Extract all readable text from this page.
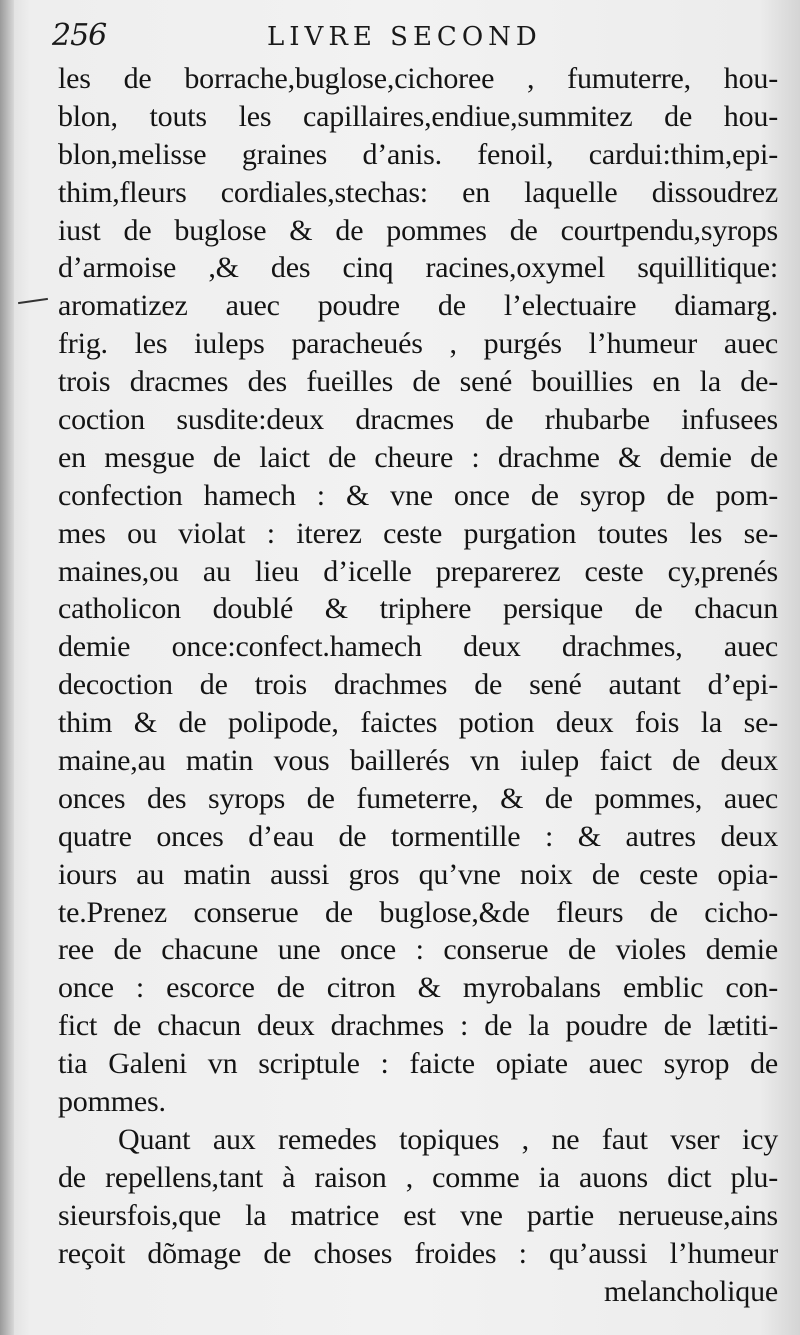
256	LIVRE SECOND
les de borrache,buglose,cichoree , fumuterre, hou-
blon, touts les capillaires,endiue,summitez de hou-
blon,melisse graines d’anis. fenoil, cardui:thim,epi-
thim,fleurs cordiales,stechas: en laquelle dissoudrez
iust de buglose & de pommes de courtpendu,syrops
d’armoise ,& des cinq racines,oxymel squillitique:
aromatizez auec poudre de l’electuaire diamarg.
frig. les iuleps paracheués , purgés l’humeur auec
trois dracmes des fueilles de sené bouillies en la de-
coction susdite:deux dracmes de rhubarbe infusees
en mesgue de laict de cheure : drachme & demie de
confection hamech : & vne once de syrop de pom-
mes ou violat : iterez ceste purgation toutes les se-
maines,ou au lieu d’icelle preparerez ceste cy,prenés
catholicon doublé & triphere persique de chacun
demie once:confect.hamech deux drachmes, auec
decoction de trois drachmes de sené autant d’epi-
thim & de polipode, faictes potion deux fois la se-
maine,au matin vous baillerés vn iulep faict de deux
onces des syrops de fumeterre, & de pommes, auec
quatre onces d’eau de tormentille : & autres deux
iours au matin aussi gros qu’vne noix de ceste opia-
te.Prenez conserue de buglose,&de fleurs de cicho-
ree de chacune une once : conserue de violes demie
once : escorce de citron & myrobalans emblic con-
fict de chacun deux drachmes : de la poudre de lætiti-
tia Galeni vn scriptule : faicte opiate auec syrop de
pommes.
Quant aux remedes topiques , ne faut vser icy
de repellens,tant à raison , comme ia auons dict plu-
sieursfois,que la matrice est vne partie nerueuse,ains
reçoit dõmage de choses froides : qu’aussi l’humeur
melancholique
